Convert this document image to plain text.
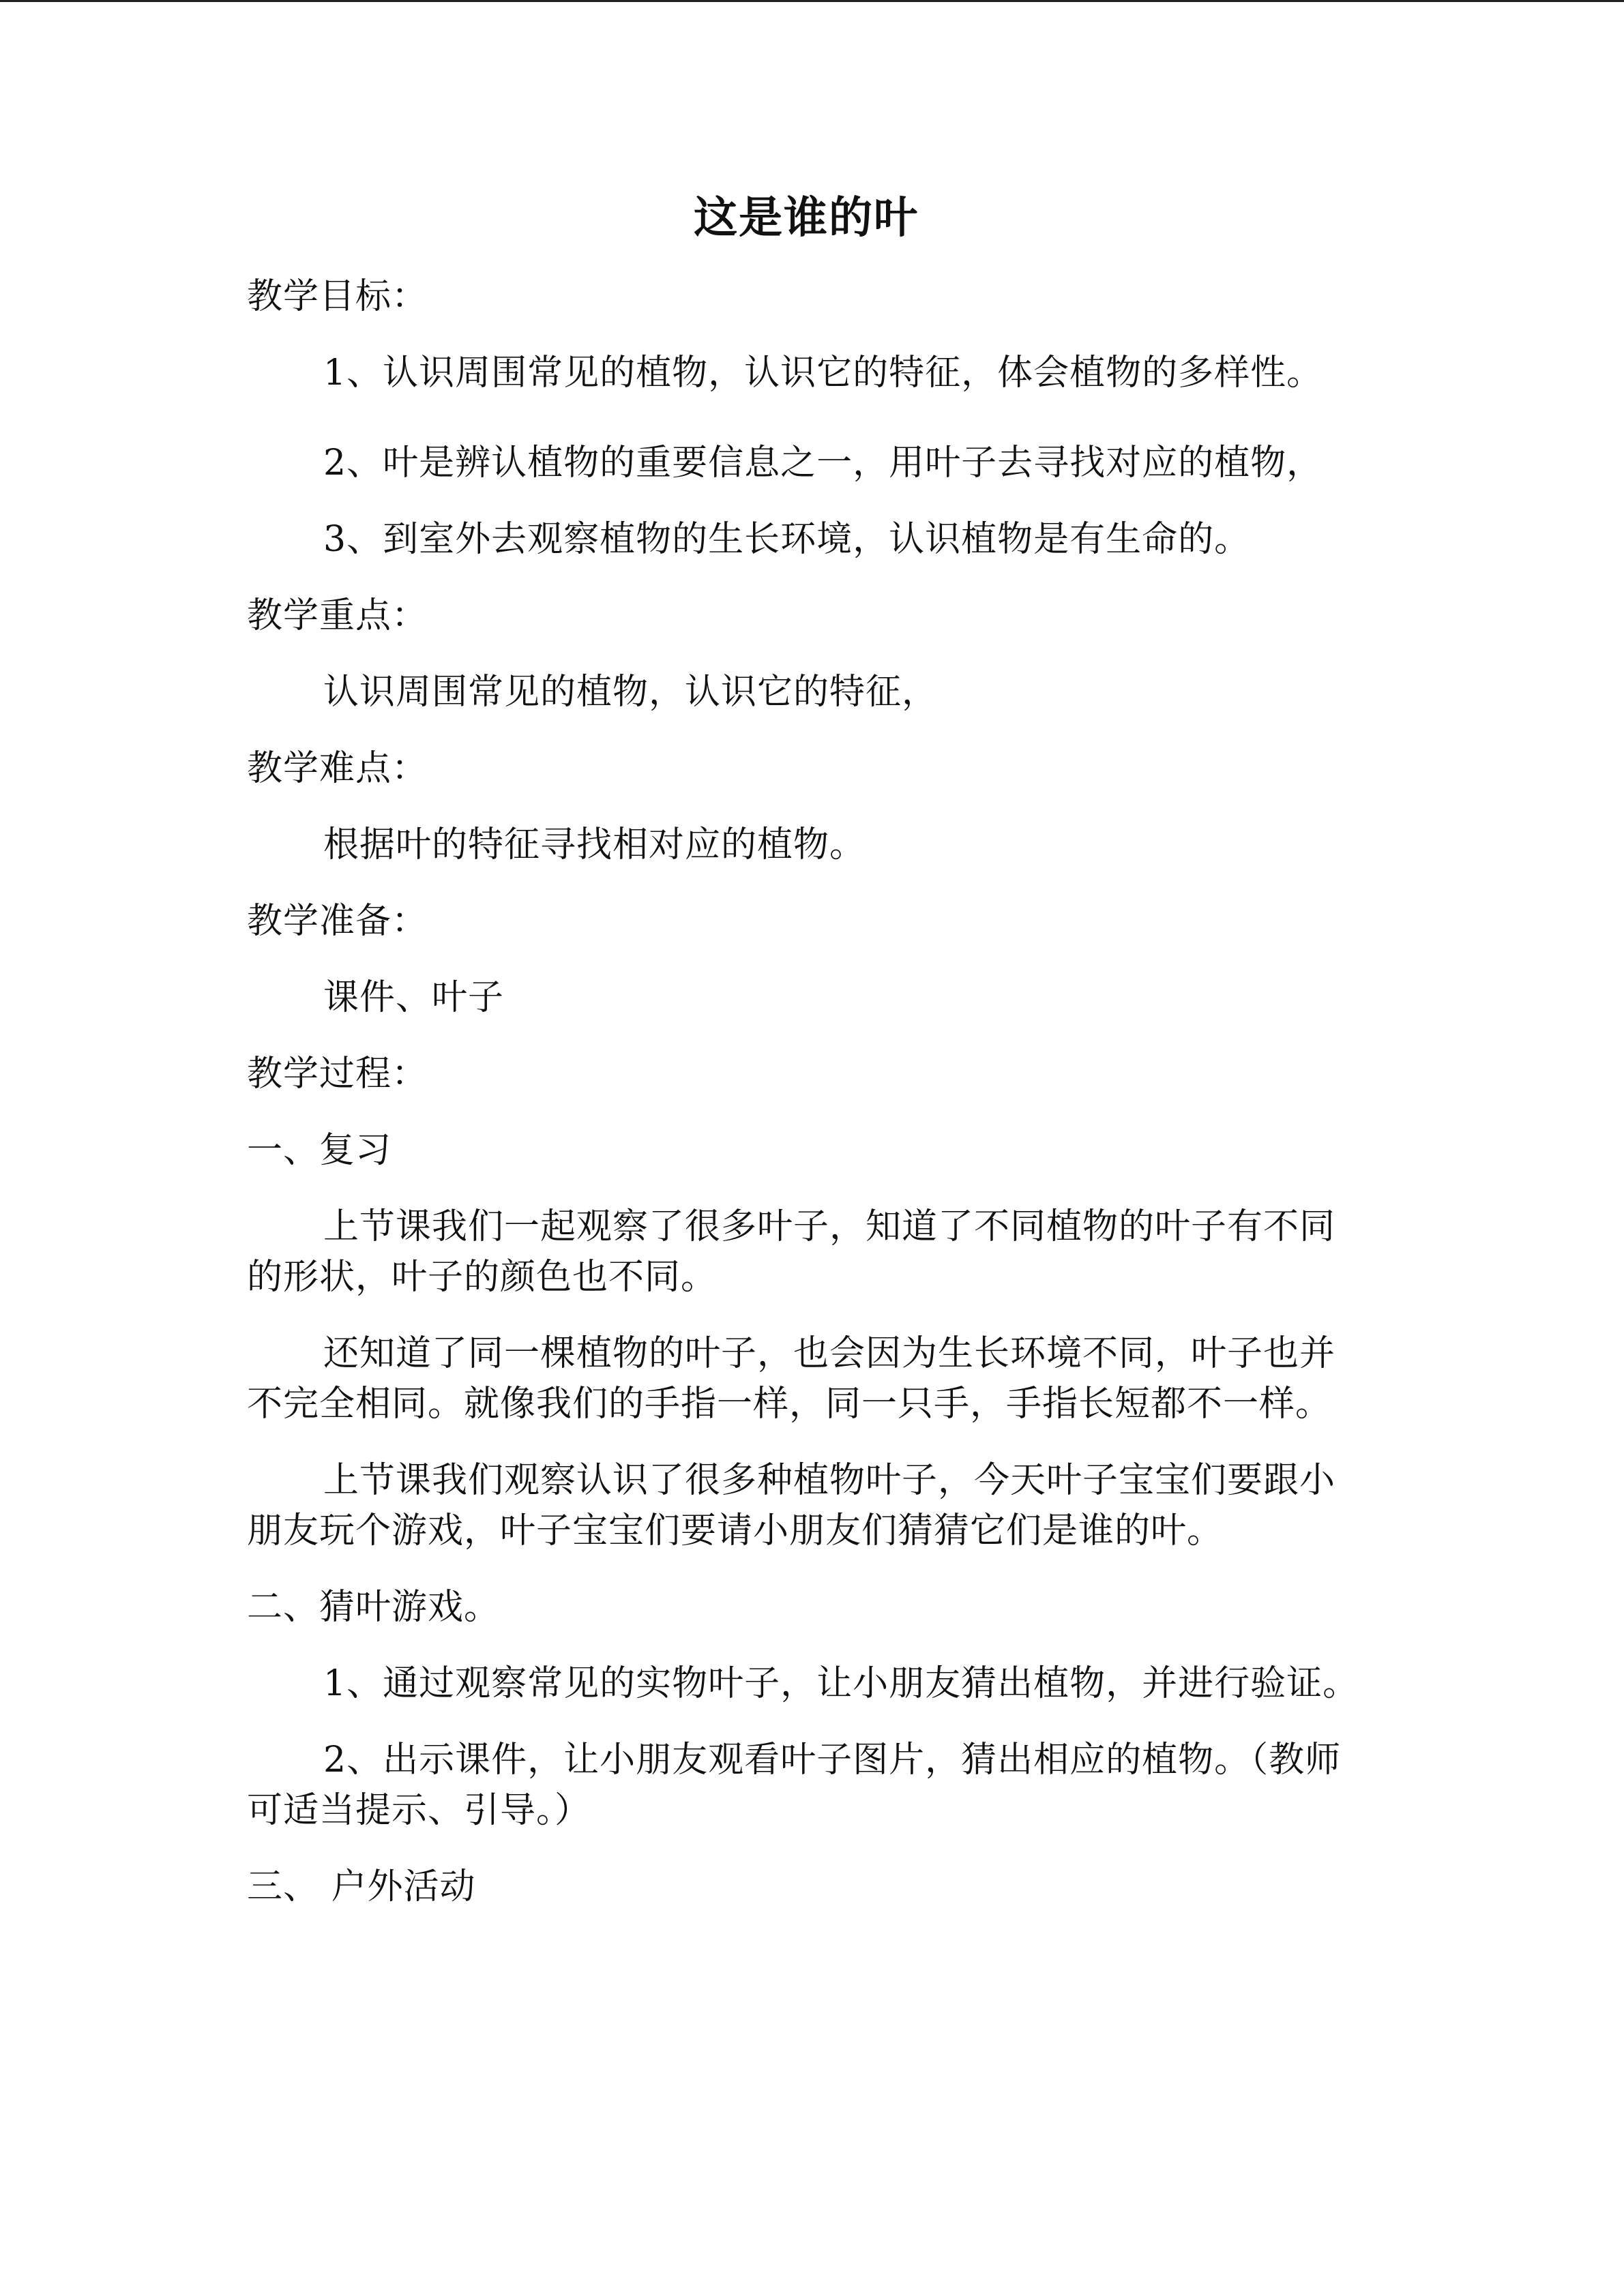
这是谁的叶

教学目标：

1、认识周围常见的植物，认识它的特征，体会植物的多样性。

2、叶是辨认植物的重要信息之一，用叶子去寻找对应的植物，

3、到室外去观察植物的生长环境，认识植物是有生命的。

教学重点：

认识周围常见的植物，认识它的特征，

教学难点：

根据叶的特征寻找相对应的植物。

教学准备：

课件、叶子

教学过程：

一、复习

上节课我们一起观察了很多叶子，知道了不同植物的叶子有不同的形状，叶子的颜色也不同。

还知道了同一棵植物的叶子，也会因为生长环境不同，叶子也并不完全相同。就像我们的手指一样，同一只手，手指长短都不一样。

上节课我们观察认识了很多种植物叶子，今天叶子宝宝们要跟小朋友玩个游戏，叶子宝宝们要请小朋友们猜猜它们是谁的叶。

二、猜叶游戏。

1、通过观察常见的实物叶子，让小朋友猜出植物，并进行验证。

2、出示课件，让小朋友观看叶子图片，猜出相应的植物。（教师可适当提示、引导。）

三、 户外活动
